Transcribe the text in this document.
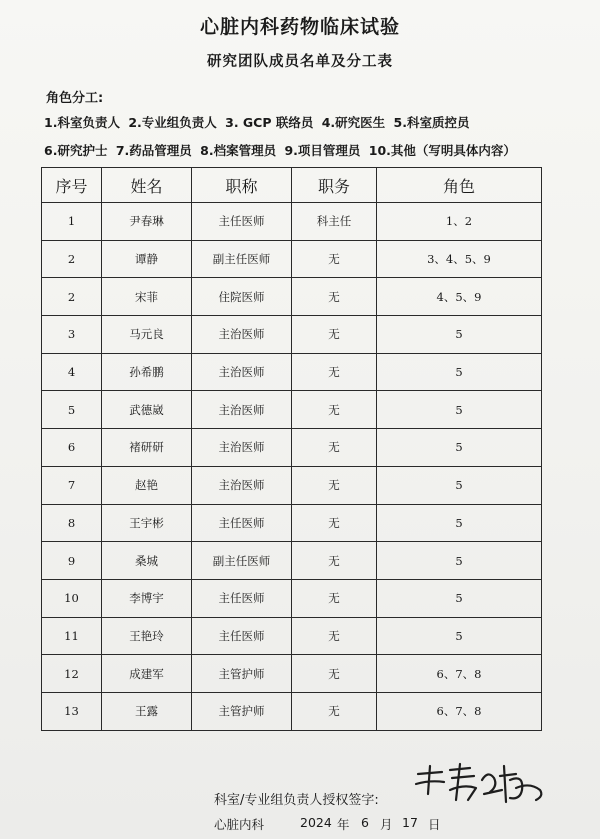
心脏内科药物临床试验
研究团队成员名单及分工表
角色分工:
1.科室负责人 2.专业组负责人 3. GCP 联络员 4.研究医生 5.科室质控员
6.研究护士 7.药品管理员 8.档案管理员 9.项目管理员 10.其他（写明具体内容）
序号	姓名	职称	职务	角色
1	尹春琳	主任医师	科主任	1、2
2	谭静	副主任医师	无	3、4、5、9
2	宋菲	住院医师	无	4、5、9
3	马元良	主治医师	无	5
4	孙希鹏	主治医师	无	5
5	武德崴	主治医师	无	5
6	褚研研	主治医师	无	5
7	赵艳	主治医师	无	5
8	王宇彬	主任医师	无	5
9	桑城	副主任医师	无	5
10	李博宇	主任医师	无	5
11	王艳玲	主任医师	无	5
12	成建军	主管护师	无	6、7、8
13	王露	主管护师	无	6、7、8
科室/专业组负责人授权签字:
心脏内科	2024 年 6 月 17 日
